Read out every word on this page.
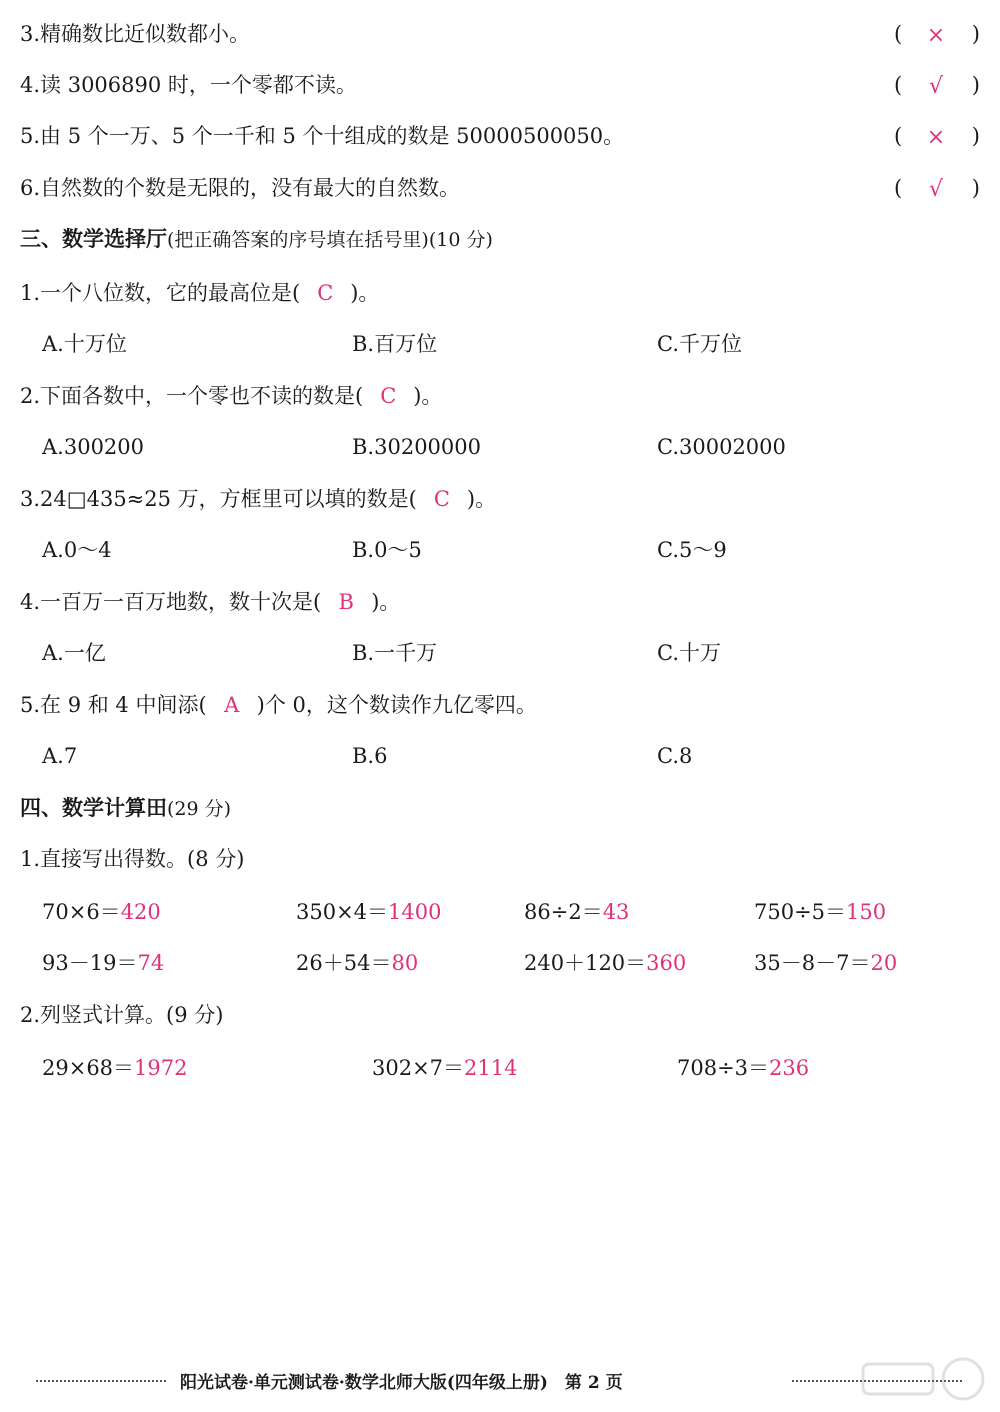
3.精确数比近似数都小。	( × )
4.读 3006890 时，一个零都不读。	(	√	)
5.由 5 个一万、5 个一千和 5 个十组成的数是 50000500050。	( × )
6.自然数的个数是无限的，没有最大的自然数。	(	√	)
三、数学选择厅(把正确答案的序号填在括号里)(10 分)
1.一个八位数，它的最高位是( C )。
A.十万位	B.百万位	C.千万位
2.下面各数中，一个零也不读的数是( C )。
A.300200	B.30200000	C.30002000
3.24□435≈25 万，方框里可以填的数是( C )。
A.0～4	B.0～5	C.5～9
4.一百万一百万地数，数十次是( B )。
A.一亿	B.一千万	C.十万
5.在 9 和 4 中间添( A )个 0，这个数读作九亿零四。
A.7	B.6	C.8
四、数学计算田(29 分)
1.直接写出得数。(8 分)
70×6＝420	350×4＝1400	86÷2＝43	750÷5＝150
93－19＝74	26＋54＝80	240＋120＝360	35－8－7＝20
2.列竖式计算。(9 分)
29×68＝1972	302×7＝2114	708÷3＝236
阳光试卷·单元测试卷·数学北师大版(四年级上册)　第 2 页
